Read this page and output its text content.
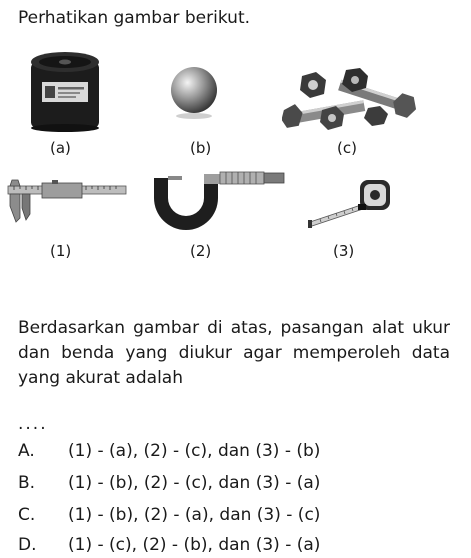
Perhatikan gambar berikut.
(a)	(b)	(c)
(1)	(2)	(3)
Berdasarkan gambar di atas, pasangan alat ukur dan benda yang diukur agar memperoleh data yang akurat adalah
....
A. (1) - (a), (2) - (c), dan (3) - (b)
B. (1) - (b), (2) - (c), dan (3) - (a)
C. (1) - (b), (2) - (a), dan (3) - (c)
D. (1) - (c), (2) - (b), dan (3) - (a)
